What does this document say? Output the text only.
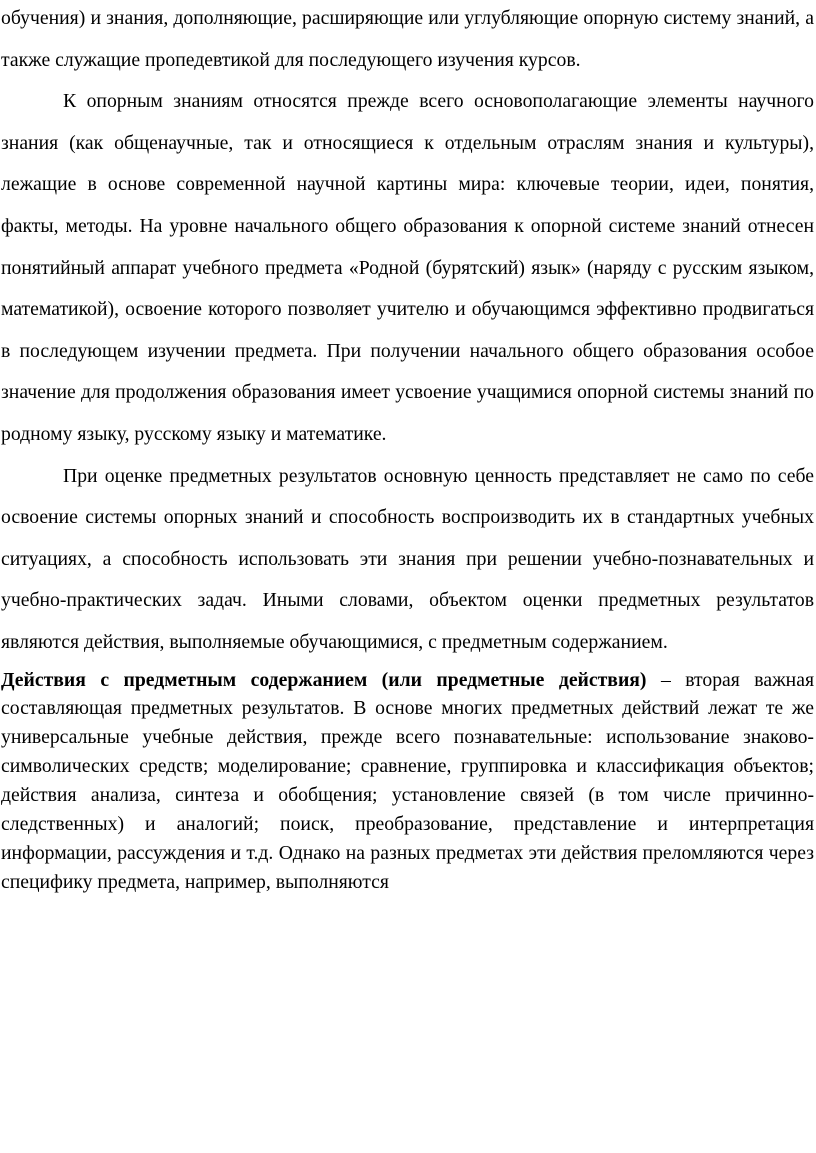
обучения) и знания, дополняющие, расширяющие или углубляющие опорную систему знаний, а также служащие пропедевтикой для последующего изучения курсов.

К опорным знаниям относятся прежде всего основополагающие элементы научного знания (как общенаучные, так и относящиеся к отдельным отраслям знания и культуры), лежащие в основе современной научной картины мира: ключевые теории, идеи, понятия, факты, методы. На уровне начального общего образования к опорной системе знаний отнесен понятийный аппарат учебного предмета «Родной (бурятский) язык» (наряду с русским языком, математикой), освоение которого позволяет учителю и обучающимся эффективно продвигаться в последующем изучении предмета. При получении начального общего образования особое значение для продолжения образования имеет усвоение учащимися опорной системы знаний по родному языку, русскому языку и математике.

При оценке предметных результатов основную ценность представляет не само по себе освоение системы опорных знаний и способность воспроизводить их в стандартных учебных ситуациях, а способность использовать эти знания при решении учебно-познавательных и учебно-практических задач. Иными словами, объектом оценки предметных результатов являются действия, выполняемые обучающимися, с предметным содержанием.

Действия с предметным содержанием (или предметные действия) – вторая важная составляющая предметных результатов. В основе многих предметных действий лежат те же универсальные учебные действия, прежде всего познавательные: использование знаково-символических средств; моделирование; сравнение, группировка и классификация объектов; действия анализа, синтеза и обобщения; установление связей (в том числе причинно-следственных) и аналогий; поиск, преобразование, представление и интерпретация информации, рассуждения и т.д. Однако на разных предметах эти действия преломляются через специфику предмета, например, выполняются
